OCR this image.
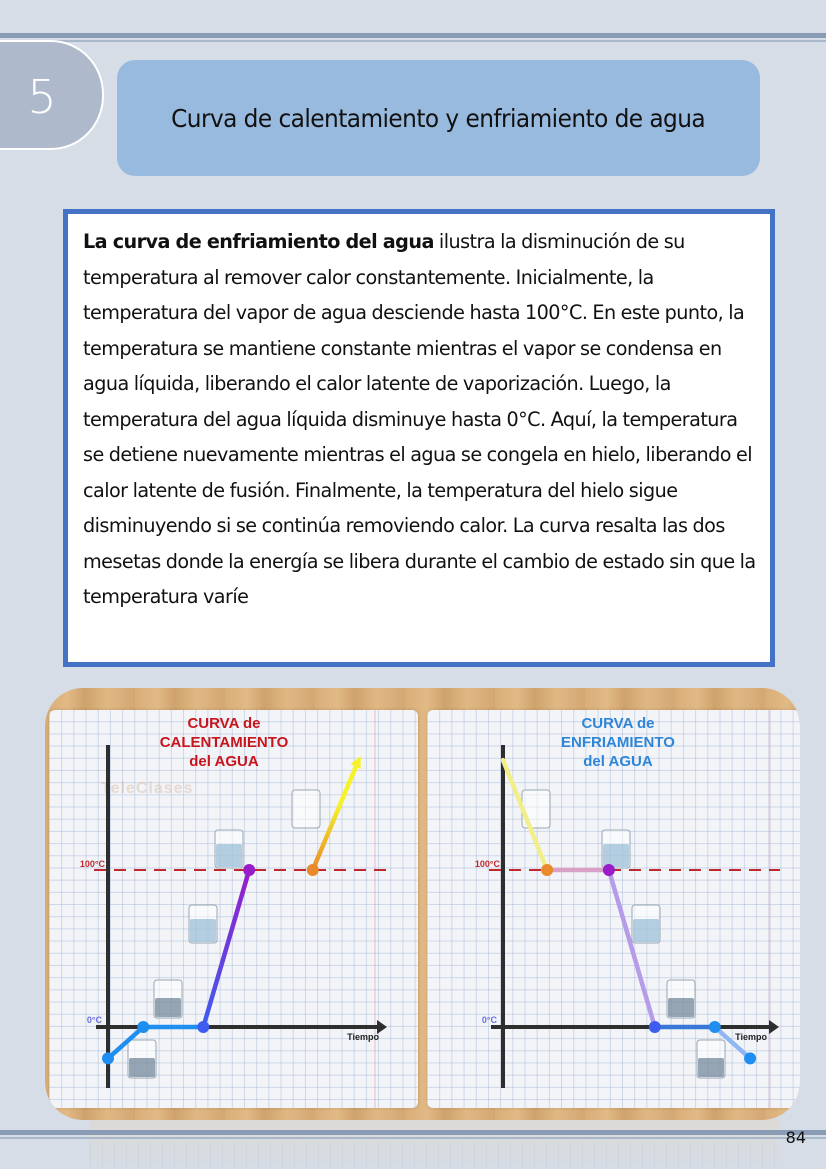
5	Curva de calentamiento y enfriamiento de agua

La curva de enfriamiento del agua ilustra la disminución de su temperatura al remover calor constantemente. Inicialmente, la temperatura del vapor de agua desciende hasta 100°C. En este punto, la temperatura se mantiene constante mientras el vapor se condensa en agua líquida, liberando el calor latente de vaporización. Luego, la temperatura del agua líquida disminuye hasta 0°C. Aquí, la temperatura se detiene nuevamente mientras el agua se congela en hielo, liberando el calor latente de fusión. Finalmente, la temperatura del hielo sigue disminuyendo si se continúa removiendo calor. La curva resalta las dos mesetas donde la energía se libera durante el cambio de estado sin que la temperatura varíe

TeleClases
CURVA de
CALENTAMIENTO
del AGUA
100°C
0°C
Tiempo
CURVA de
ENFRIAMIENTO
del AGUA
100°C
0°C
Tiempo
84
